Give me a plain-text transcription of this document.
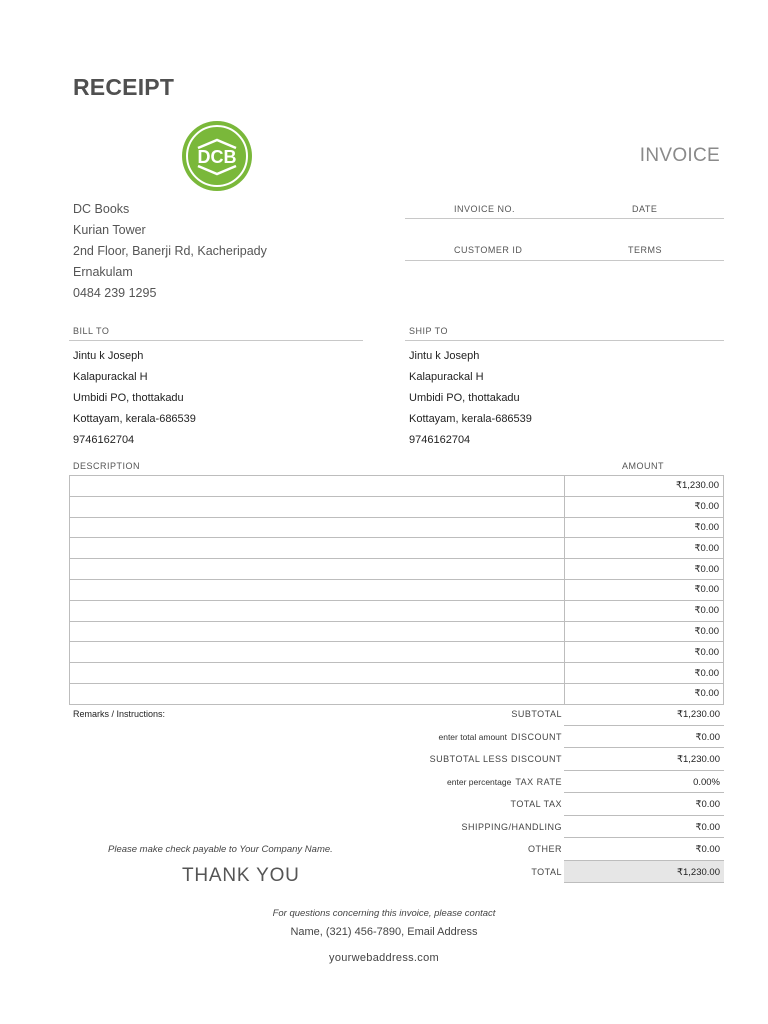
RECEIPT
DCB	INVOICE
DC Books
Kurian Tower
2nd Floor, Banerji Rd, Kacheripady
Ernakulam
0484 239 1295
INVOICE NO.	DATE
CUSTOMER ID	TERMS
BILL TO
Jintu k Joseph
Kalapurackal H
Umbidi PO, thottakadu
Kottayam, kerala-686539
9746162704
SHIP TO
Jintu k Joseph
Kalapurackal H
Umbidi PO, thottakadu
Kottayam, kerala-686539
9746162704
DESCRIPTION	AMOUNT
	₹1,230.00
	₹0.00
	₹0.00
	₹0.00
	₹0.00
	₹0.00
	₹0.00
	₹0.00
	₹0.00
	₹0.00
	₹0.00
Remarks / Instructions:	SUBTOTAL	₹1,230.00
enter total amount DISCOUNT	₹0.00
SUBTOTAL LESS DISCOUNT	₹1,230.00
enter percentage TAX RATE	0.00%
TOTAL TAX	₹0.00
SHIPPING/HANDLING	₹0.00
OTHER	₹0.00
TOTAL	₹1,230.00
Please make check payable to Your Company Name.
THANK YOU
For questions concerning this invoice, please contact
Name, (321) 456-7890, Email Address
yourwebaddress.com
